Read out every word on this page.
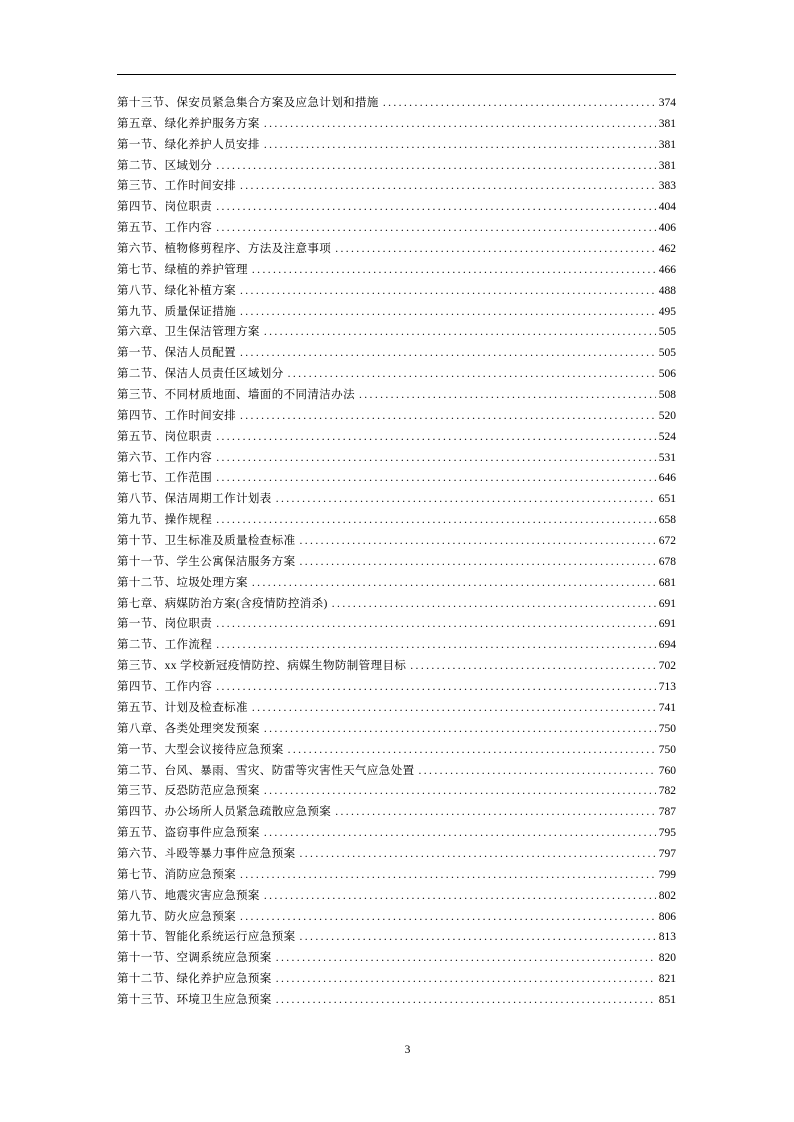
第十三节、保安员紧急集合方案及应急计划和措施 .....	374
第五章、绿化养护服务方案 .....	381
第一节、绿化养护人员安排 .....	381
第二节、区域划分 .....	381
第三节、工作时间安排 .....	383
第四节、岗位职责 .....	404
第五节、工作内容 .....	406
第六节、植物修剪程序、方法及注意事项 .....	462
第七节、绿植的养护管理 .....	466
第八节、绿化补植方案 .....	488
第九节、质量保证措施 .....	495
第六章、卫生保洁管理方案 .....	505
第一节、保洁人员配置 .....	505
第二节、保洁人员责任区域划分 .....	506
第三节、不同材质地面、墙面的不同清洁办法 .....	508
第四节、工作时间安排 .....	520
第五节、岗位职责 .....	524
第六节、工作内容 .....	531
第七节、工作范围 .....	646
第八节、保洁周期工作计划表 .....	651
第九节、操作规程 .....	658
第十节、卫生标准及质量检查标准 .....	672
第十一节、学生公寓保洁服务方案 .....	678
第十二节、垃圾处理方案 .....	681
第七章、病媒防治方案(含疫情防控消杀) .....	691
第一节、岗位职责 .....	691
第二节、工作流程 .....	694
第三节、xx 学校新冠疫情防控、病媒生物防制管理目标 .....	702
第四节、工作内容 .....	713
第五节、计划及检查标准 .....	741
第八章、各类处理突发预案 .....	750
第一节、大型会议接待应急预案 .....	750
第二节、台风、暴雨、雪灾、防雷等灾害性天气应急处置 .....	760
第三节、反恐防范应急预案 .....	782
第四节、办公场所人员紧急疏散应急预案 .....	787
第五节、盗窃事件应急预案 .....	795
第六节、斗殴等暴力事件应急预案 .....	797
第七节、消防应急预案 .....	799
第八节、地震灾害应急预案 .....	802
第九节、防火应急预案 .....	806
第十节、智能化系统运行应急预案 .....	813
第十一节、空调系统应急预案 .....	820
第十二节、绿化养护应急预案 .....	821
第十三节、环境卫生应急预案 .....	851
3
